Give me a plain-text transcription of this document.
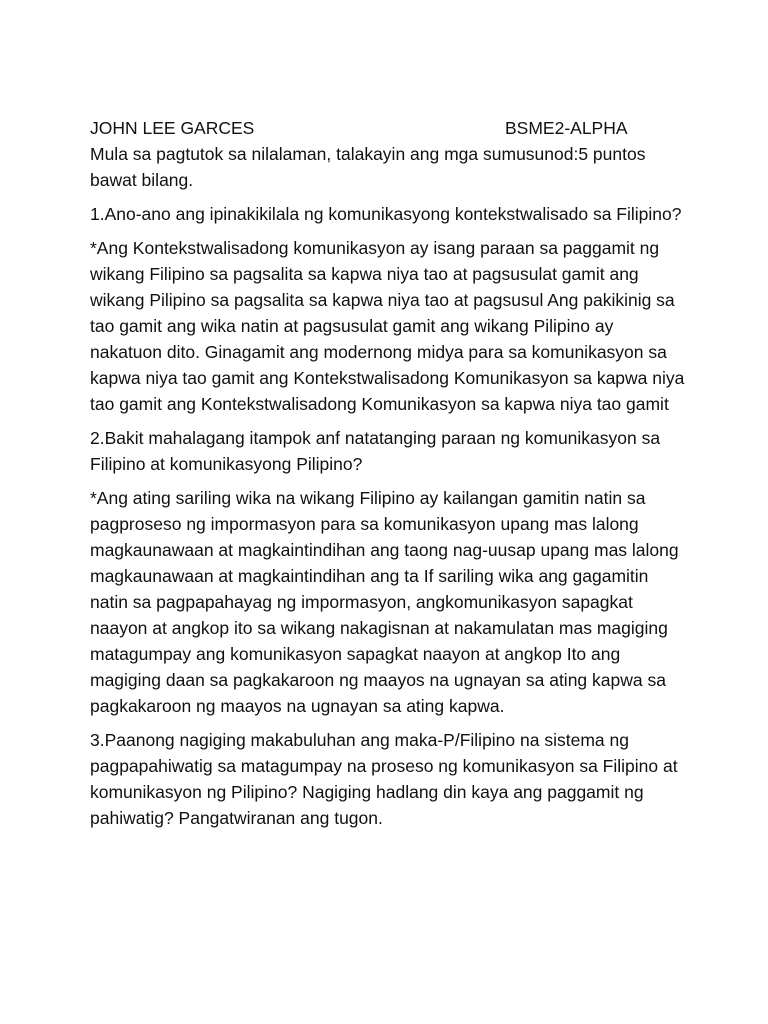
JOHN LEE GARCES	BSME2-ALPHA

Mula sa pagtutok sa nilalaman, talakayin ang mga sumusunod:5 puntos bawat bilang.

1.Ano-ano ang ipinakikilala ng komunikasyong kontekstwalisado sa Filipino?

*Ang Kontekstwalisadong komunikasyon ay isang paraan sa paggamit ng wikang Filipino sa pagsalita sa kapwa niya tao at pagsusulat gamit ang wikang Pilipino sa pagsalita sa kapwa niya tao at pagsusul Ang pakikinig sa tao gamit ang wika natin at pagsusulat gamit ang wikang Pilipino ay nakatuon dito. Ginagamit ang modernong midya para sa komunikasyon sa kapwa niya tao gamit ang Kontekstwalisadong Komunikasyon sa kapwa niya tao gamit ang Kontekstwalisadong Komunikasyon sa kapwa niya tao gamit

2.Bakit mahalagang itampok anf natatanging paraan ng komunikasyon sa Filipino at komunikasyong Pilipino?

*Ang ating sariling wika na wikang Filipino ay kailangan gamitin natin sa pagproseso ng impormasyon para sa komunikasyon upang mas lalong magkaunawaan at magkaintindihan ang taong nag-uusap upang mas lalong magkaunawaan at magkaintindihan ang ta If sariling wika ang gagamitin natin sa pagpapahayag ng impormasyon, angkomunikasyon sapagkat naayon at angkop ito sa wikang nakagisnan at nakamulatan mas magiging matagumpay ang komunikasyon sapagkat naayon at angkop Ito ang magiging daan sa pagkakaroon ng maayos na ugnayan sa ating kapwa sa pagkakaroon ng maayos na ugnayan sa ating kapwa.

3.Paanong nagiging makabuluhan ang maka-P/Filipino na sistema ng pagpapahiwatig sa matagumpay na proseso ng komunikasyon sa Filipino at komunikasyon ng Pilipino? Nagiging hadlang din kaya ang paggamit ng pahiwatig? Pangatwiranan ang tugon.
